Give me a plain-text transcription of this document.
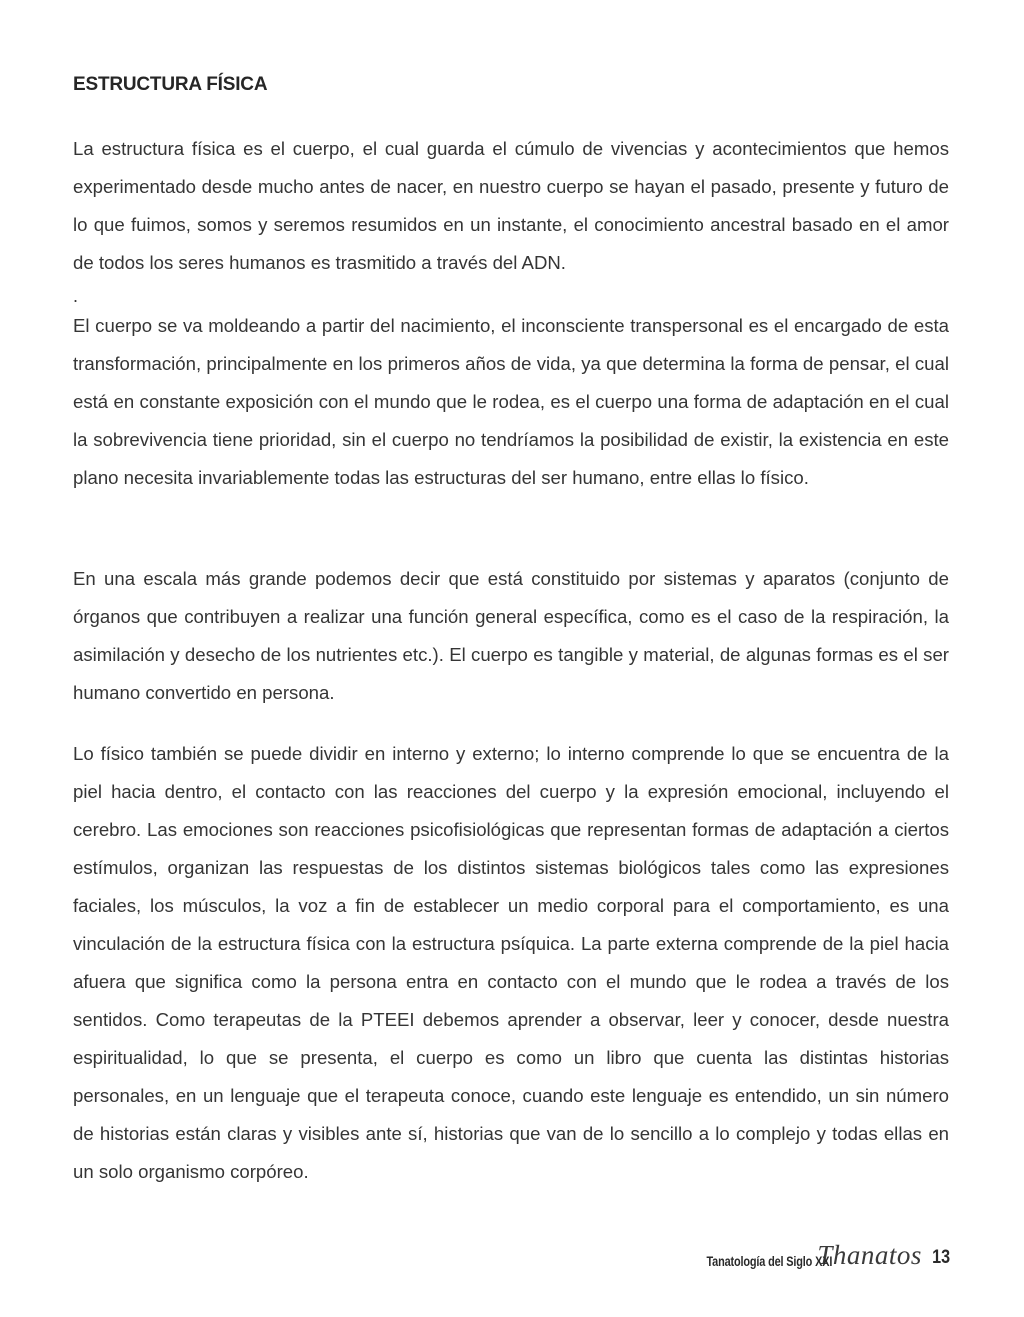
ESTRUCTURA FÍSICA

La estructura física es el cuerpo, el cual guarda el cúmulo de vivencias y acontecimientos que hemos experimentado desde mucho antes de nacer, en nuestro cuerpo se hayan el pasado, presente y futuro de lo que fuimos, somos y seremos resumidos en un instante, el conocimiento ancestral basado en el amor de todos los seres humanos es trasmitido a través del ADN.

.

El cuerpo se va moldeando a partir del nacimiento, el inconsciente transpersonal es el encargado de esta transformación, principalmente en los primeros años de vida, ya que determina la forma de pensar, el cual está en constante exposición con el mundo que le rodea, es el cuerpo una forma de adaptación en el cual la sobrevivencia tiene prioridad, sin el cuerpo no tendríamos la posibilidad de existir, la existencia en este plano necesita invariablemente todas las estructuras del ser humano, entre ellas lo físico.

En una escala más grande podemos decir que está constituido por sistemas y aparatos (conjunto de órganos que contribuyen a realizar una función general específica, como es el caso de la respiración, la asimilación y desecho de los nutrientes etc.). El cuerpo es tangible y material, de algunas formas es el ser humano convertido en persona.

Lo físico también se puede dividir en interno y externo; lo interno comprende lo que se encuentra de la piel hacia dentro, el contacto con las reacciones del cuerpo y la expresión emocional, incluyendo el cerebro. Las emociones son reacciones psicofisiológicas que representan formas de adaptación a ciertos estímulos, organizan las respuestas de los distintos sistemas biológicos tales como las expresiones faciales, los músculos, la voz a fin de establecer un medio corporal para el comportamiento, es una vinculación de la estructura física con la estructura psíquica. La parte externa comprende de la piel hacia afuera que significa como la persona entra en contacto con el mundo que le rodea a través de los sentidos. Como terapeutas de la PTEEI debemos aprender a observar, leer y conocer, desde nuestra espiritualidad, lo que se presenta, el cuerpo es como un libro que cuenta las distintas historias personales, en un lenguaje que el terapeuta conoce, cuando este lenguaje es entendido, un sin número de historias están claras y visibles ante sí, historias que van de lo sencillo a lo complejo y todas ellas en un solo organismo corpóreo.

Tanatología del Siglo XXI
Thanatos 13
